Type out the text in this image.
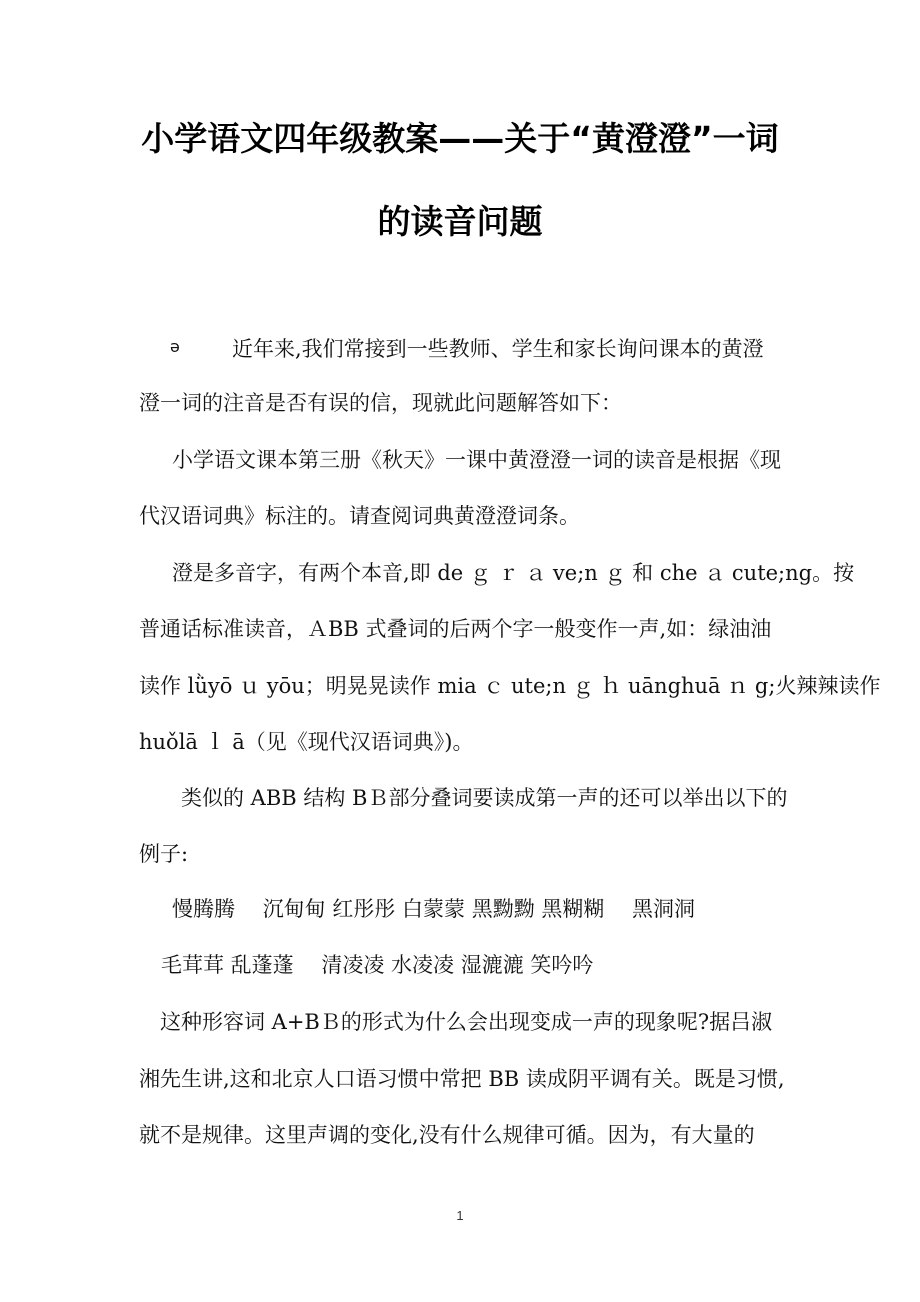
小学语文四年级教案——关于“黄澄澄”一词
的读音问题
ə 近年来,我们常接到一些教师、学生和家长询问课本的黄澄
澄一词的注音是否有误的信，现就此问题解答如下：
小学语文课本第三册《秋天》一课中黄澄澄一词的读音是根据《现
代汉语词典》标注的。请查阅词典黄澄澄词条。
澄是多音字，有两个本音,即 de ｇ ｒ ａ ve;n ｇ 和 che ａ cute;ng。按
普通话标准读音，ＡBB 式叠词的后两个字一般变作一声,如：绿油油
读作 lǜyō ｕ yōu；明晃晃读作 mia ｃ ute;n ｇ ｈ uānghuā ｎ g;火辣辣读作
huǒlā ｌ ā（见《现代汉语词典》)。
类似的 ABB 结构 BＢ部分叠词要读成第一声的还可以举出以下的
例子:
慢腾腾　 沉甸甸 红彤彤 白蒙蒙 黑黝黝 黑糊糊　 黑洞洞
毛茸茸 乱蓬蓬　 清凌凌 水凌凌 湿漉漉 笑吟吟
这种形容词 A+BＢ的形式为什么会出现变成一声的现象呢?据吕淑
湘先生讲,这和北京人口语习惯中常把 BB 读成阴平调有关。既是习惯,
就不是规律。这里声调的变化,没有什么规律可循。因为，有大量的
1
